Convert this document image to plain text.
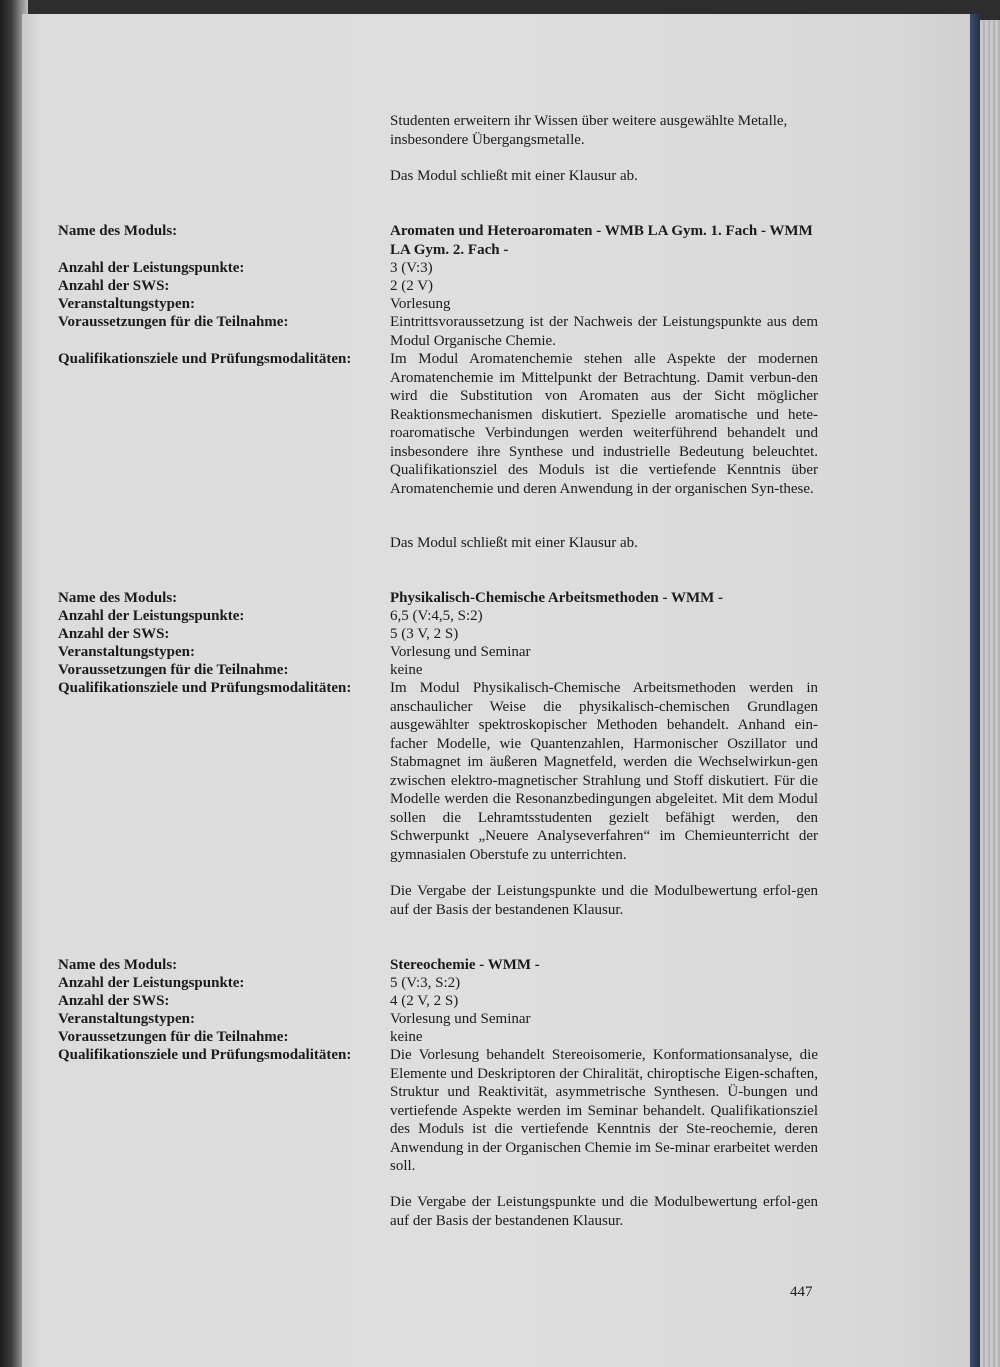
Studenten erweitern ihr Wissen über weitere ausgewählte Metalle, insbesondere Übergangsmetalle.
Das Modul schließt mit einer Klausur ab.
Name des Moduls:	Aromaten und Heteroaromaten - WMB LA Gym. 1. Fach - WMM LA Gym. 2. Fach -
Anzahl der Leistungspunkte:	3 (V:3)
Anzahl der SWS:	2 (2 V)
Veranstaltungstypen:	Vorlesung
Voraussetzungen für die Teilnahme:	Eintrittsvoraussetzung ist der Nachweis der Leistungspunkte aus dem Modul Organische Chemie.
Qualifikationsziele und Prüfungsmodalitäten:	Im Modul Aromatenchemie stehen alle Aspekte der modernen Aromatenchemie im Mittelpunkt der Betrachtung. Damit verbun-den wird die Substitution von Aromaten aus der Sicht möglicher Reaktionsmechanismen diskutiert. Spezielle aromatische und hete-roaromatische Verbindungen werden weiterführend behandelt und insbesondere ihre Synthese und industrielle Bedeutung beleuchtet. Qualifikationsziel des Moduls ist die vertiefende Kenntnis über Aromatenchemie und deren Anwendung in der organischen Syn-these.
Das Modul schließt mit einer Klausur ab.
Name des Moduls:	Physikalisch-Chemische Arbeitsmethoden - WMM -
Anzahl der Leistungspunkte:	6,5 (V:4,5, S:2)
Anzahl der SWS:	5 (3 V, 2 S)
Veranstaltungstypen:	Vorlesung und Seminar
Voraussetzungen für die Teilnahme:	keine
Qualifikationsziele und Prüfungsmodalitäten:	Im Modul Physikalisch-Chemische Arbeitsmethoden werden in anschaulicher Weise die physikalisch-chemischen Grundlagen ausgewählter spektroskopischer Methoden behandelt. Anhand ein-facher Modelle, wie Quantenzahlen, Harmonischer Oszillator und Stabmagnet im äußeren Magnetfeld, werden die Wechselwirkun-gen zwischen elektro-magnetischer Strahlung und Stoff diskutiert. Für die Modelle werden die Resonanzbedingungen abgeleitet. Mit dem Modul sollen die Lehramtsstudenten gezielt befähigt werden, den Schwerpunkt „Neuere Analyseverfahren“ im Chemieunterricht der gymnasialen Oberstufe zu unterrichten.
Die Vergabe der Leistungspunkte und die Modulbewertung erfol-gen auf der Basis der bestandenen Klausur.
Name des Moduls:	Stereochemie - WMM -
Anzahl der Leistungspunkte:	5 (V:3, S:2)
Anzahl der SWS:	4 (2 V, 2 S)
Veranstaltungstypen:	Vorlesung und Seminar
Voraussetzungen für die Teilnahme:	keine
Qualifikationsziele und Prüfungsmodalitäten:	Die Vorlesung behandelt Stereoisomerie, Konformationsanalyse, die Elemente und Deskriptoren der Chiralität, chiroptische Eigen-schaften, Struktur und Reaktivität, asymmetrische Synthesen. Ü-bungen und vertiefende Aspekte werden im Seminar behandelt. Qualifikationsziel des Moduls ist die vertiefende Kenntnis der Ste-reochemie, deren Anwendung in der Organischen Chemie im Se-minar erarbeitet werden soll.
Die Vergabe der Leistungspunkte und die Modulbewertung erfol-gen auf der Basis der bestandenen Klausur.
447
